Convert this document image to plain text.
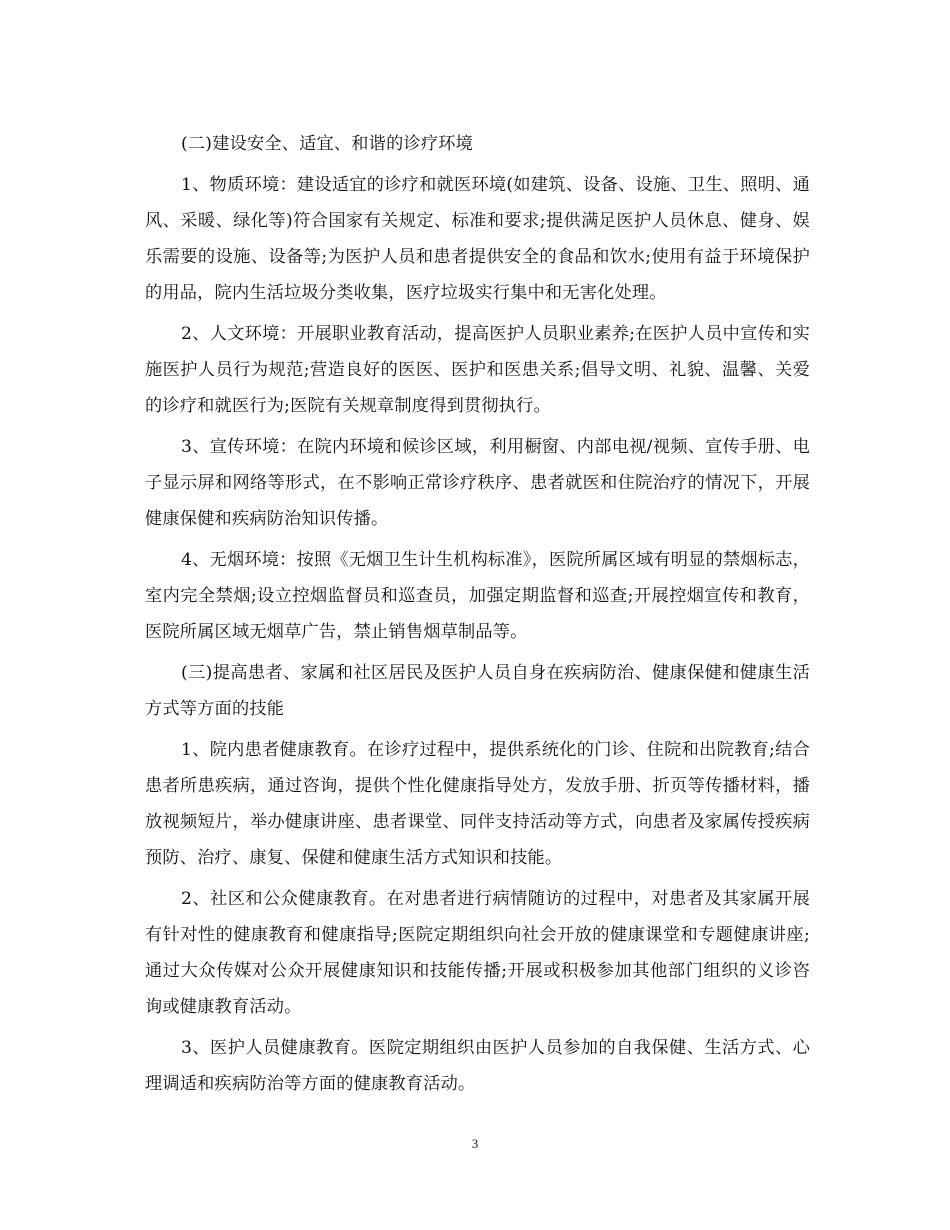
(二)建设安全、适宜、和谐的诊疗环境

1、物质环境：建设适宜的诊疗和就医环境(如建筑、设备、设施、卫生、照明、通风、采暖、绿化等)符合国家有关规定、标准和要求;提供满足医护人员休息、健身、娱乐需要的设施、设备等;为医护人员和患者提供安全的食品和饮水;使用有益于环境保护的用品，院内生活垃圾分类收集，医疗垃圾实行集中和无害化处理。

2、人文环境：开展职业教育活动，提高医护人员职业素养;在医护人员中宣传和实施医护人员行为规范;营造良好的医医、医护和医患关系;倡导文明、礼貌、温馨、关爱的诊疗和就医行为;医院有关规章制度得到贯彻执行。

3、宣传环境：在院内环境和候诊区域，利用橱窗、内部电视/视频、宣传手册、电子显示屏和网络等形式，在不影响正常诊疗秩序、患者就医和住院治疗的情况下，开展健康保健和疾病防治知识传播。

4、无烟环境：按照《无烟卫生计生机构标准》，医院所属区域有明显的禁烟标志，室内完全禁烟;设立控烟监督员和巡查员，加强定期监督和巡查;开展控烟宣传和教育，医院所属区域无烟草广告，禁止销售烟草制品等。

(三)提高患者、家属和社区居民及医护人员自身在疾病防治、健康保健和健康生活方式等方面的技能

1、院内患者健康教育。在诊疗过程中，提供系统化的门诊、住院和出院教育;结合患者所患疾病，通过咨询，提供个性化健康指导处方，发放手册、折页等传播材料，播放视频短片，举办健康讲座、患者课堂、同伴支持活动等方式，向患者及家属传授疾病预防、治疗、康复、保健和健康生活方式知识和技能。

2、社区和公众健康教育。在对患者进行病情随访的过程中，对患者及其家属开展有针对性的健康教育和健康指导;医院定期组织向社会开放的健康课堂和专题健康讲座;通过大众传媒对公众开展健康知识和技能传播;开展或积极参加其他部门组织的义诊咨询或健康教育活动。

3、医护人员健康教育。医院定期组织由医护人员参加的自我保健、生活方式、心理调适和疾病防治等方面的健康教育活动。

3
